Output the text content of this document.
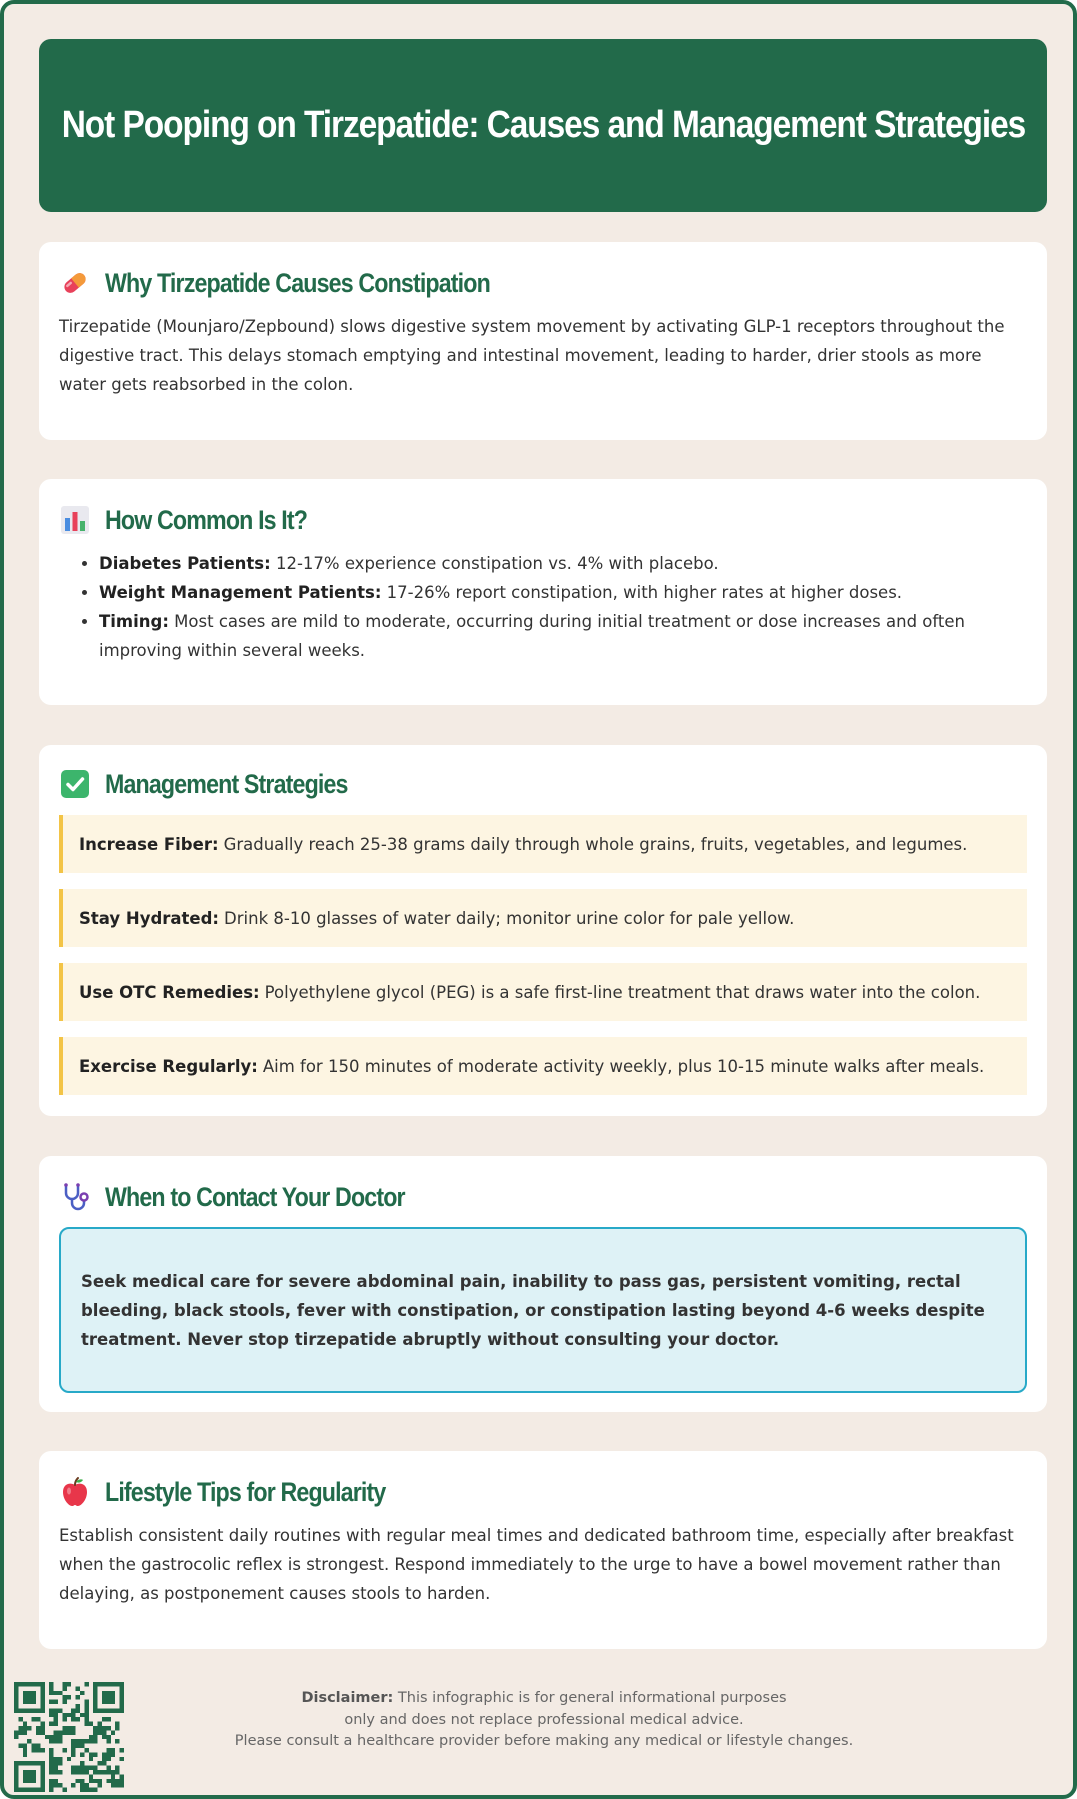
Not Pooping on Tirzepatide: Causes and Management Strategies
Why Tirzepatide Causes Constipation

Tirzepatide (Mounjaro/Zepbound) slows digestive system movement by activating GLP-1 receptors throughout the digestive tract. This delays stomach emptying and intestinal movement, leading to harder, drier stools as more water gets reabsorbed in the colon.

How Common Is It?
• Diabetes Patients: 12-17% experience constipation vs. 4% with placebo.
• Weight Management Patients: 17-26% report constipation, with higher rates at higher doses.
• Timing: Most cases are mild to moderate, occurring during initial treatment or dose increases and often improving within several weeks.
Management Strategies
Increase Fiber: Gradually reach 25-38 grams daily through whole grains, fruits, vegetables, and legumes.
Stay Hydrated: Drink 8-10 glasses of water daily; monitor urine color for pale yellow.
Use OTC Remedies: Polyethylene glycol (PEG) is a safe first-line treatment that draws water into the colon.
Exercise Regularly: Aim for 150 minutes of moderate activity weekly, plus 10-15 minute walks after meals.
When to Contact Your Doctor

Seek medical care for severe abdominal pain, inability to pass gas, persistent vomiting, rectal bleeding, black stools, fever with constipation, or constipation lasting beyond 4-6 weeks despite treatment. Never stop tirzepatide abruptly without consulting your doctor.

Lifestyle Tips for Regularity

Establish consistent daily routines with regular meal times and dedicated bathroom time, especially after breakfast when the gastrocolic reflex is strongest. Respond immediately to the urge to have a bowel movement rather than delaying, as postponement causes stools to harden.

Disclaimer: This infographic is for general informational purposes
only and does not replace professional medical advice.
Please consult a healthcare provider before making any medical or lifestyle changes.
